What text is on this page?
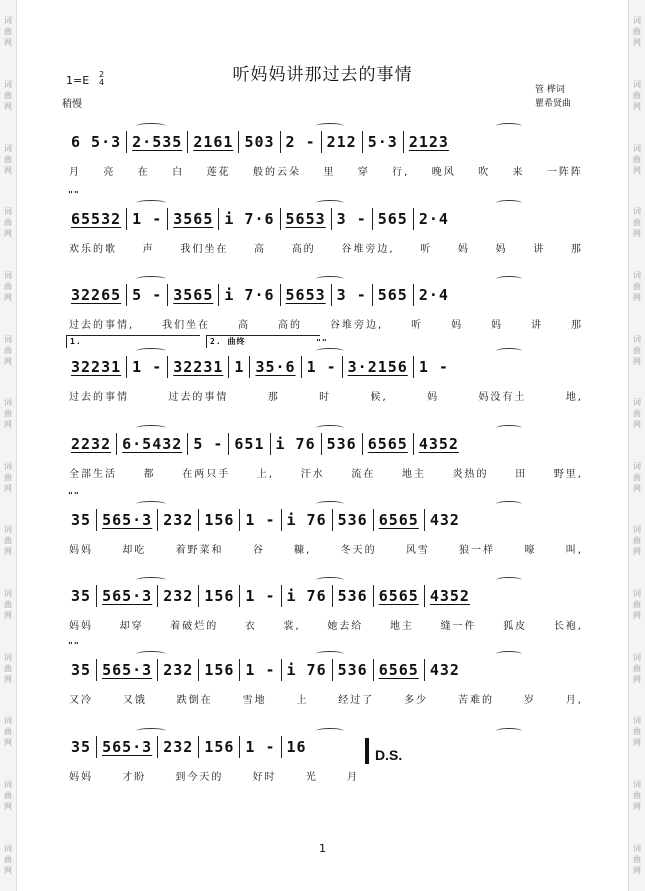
词
曲
网
词
曲
网
词
曲
网
词
曲
网
词
曲
网
词
曲
网
词
曲
网
词
曲
网
词
曲
网
词
曲
网
词
曲
网
词
曲
网
词
曲
网
词
曲
网
词
曲
网
词
曲
网
词
曲
网
词
曲
网
词
曲
网
词
曲
网
词
曲
网
词
曲
网
词
曲
网
词
曲
网
词
曲
网
词
曲
网
词
曲
网
词
曲
网
听妈妈讲那过去的事情
1=E 2
4
稍慢
管 桦词
瞿希贤曲
6 5·3 2·535 2161 503 2 - 212 5·3 2123
月 亮 在 白 莲花 般的云朵 里 穿 行, 晚风 吹 来 一阵阵
65532 1 - 3565 i 7·6 5653 3 - 565 2·4
""
欢乐的歌	声	我们坐在	高	高的	谷堆旁边,	听	妈	妈	讲	那
32265 5 - 3565 i 7·6 5653 3 - 565 2·4
过去的事情,	我们坐在	高	高的	谷堆旁边,	听	妈	妈	讲	那
32231 1 - 32231 1 35·6 1 - 3·2156 1 -
1.	2. 曲终	""
过去的事情	过去的事情	那	时	候,	妈	妈没有土	地,
2232 6·5432 5 - 651 i 76 536 6565 4352
全部生活	都	在两只手	上,	汗水	流在	地主	炎热的	田	野里,
35 565·3 232 156 1 - i 76 536 6565 432
""
妈妈	却吃	着野菜和	谷	糠,	冬天的	风雪	狼一样	嚎	叫,
35 565·3 232 156 1 - i 76 536 6565 4352
妈妈	却穿	着破烂的	衣	裳,	她去给	地主	缝一件	狐皮	长袍,
35 565·3 232 156 1 - i 76 536 6565 432
""
又冷	又饿	跌倒在	雪地	上	经过了	多少	苦难的	岁	月,
35 565·3 232 156 1 - 16
妈妈	才盼	到今天的	好时	光	月
D.S.
1
